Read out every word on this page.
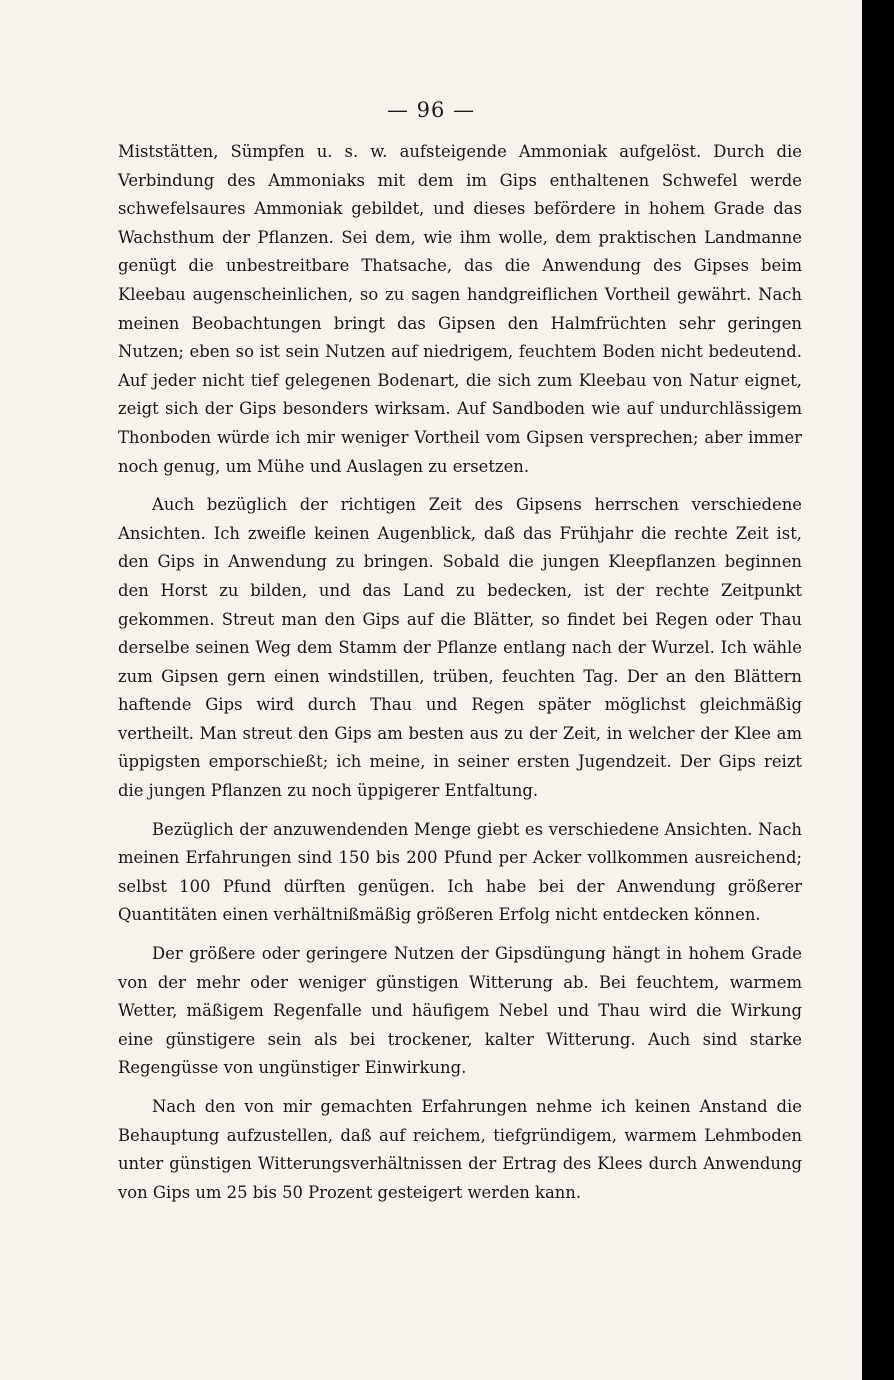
— 96 —

Miststätten, Sümpfen u. s. w. aufsteigende Ammoniak aufgelöst. Durch die Verbindung des Ammoniaks mit dem im Gips enthaltenen Schwefel werde schwefelsaures Ammoniak gebildet, und dieses befördere in hohem Grade das Wachsthum der Pflanzen. Sei dem, wie ihm wolle, dem praktischen Landmanne genügt die unbestreitbare Thatsache, das die Anwendung des Gipses beim Kleebau augenscheinlichen, so zu sagen handgreiflichen Vortheil gewährt. Nach meinen Beobachtungen bringt das Gipsen den Halmfrüchten sehr geringen Nutzen; eben so ist sein Nutzen auf niedrigem, feuchtem Boden nicht bedeutend. Auf jeder nicht tief gelegenen Bodenart, die sich zum Kleebau von Natur eignet, zeigt sich der Gips besonders wirksam. Auf Sandboden wie auf undurchlässigem Thonboden würde ich mir weniger Vortheil vom Gipsen versprechen; aber immer noch genug, um Mühe und Auslagen zu ersetzen.

Auch bezüglich der richtigen Zeit des Gipsens herrschen verschiedene Ansichten. Ich zweifle keinen Augenblick, daß das Frühjahr die rechte Zeit ist, den Gips in Anwendung zu bringen. Sobald die jungen Kleepflanzen beginnen den Horst zu bilden, und das Land zu bedecken, ist der rechte Zeitpunkt gekommen. Streut man den Gips auf die Blätter, so findet bei Regen oder Thau derselbe seinen Weg dem Stamm der Pflanze entlang nach der Wurzel. Ich wähle zum Gipsen gern einen windstillen, trüben, feuchten Tag. Der an den Blättern haftende Gips wird durch Thau und Regen später möglichst gleichmäßig vertheilt. Man streut den Gips am besten aus zu der Zeit, in welcher der Klee am üppigsten emporschießt; ich meine, in seiner ersten Jugendzeit. Der Gips reizt die jungen Pflanzen zu noch üppigerer Entfaltung.

Bezüglich der anzuwendenden Menge giebt es verschiedene Ansichten. Nach meinen Erfahrungen sind 150 bis 200 Pfund per Acker vollkommen ausreichend; selbst 100 Pfund dürften genügen. Ich habe bei der Anwendung größerer Quantitäten einen verhältnißmäßig größeren Erfolg nicht entdecken können.

Der größere oder geringere Nutzen der Gipsdüngung hängt in hohem Grade von der mehr oder weniger günstigen Witterung ab. Bei feuchtem, warmem Wetter, mäßigem Regenfalle und häufigem Nebel und Thau wird die Wirkung eine günstigere sein als bei trockener, kalter Witterung. Auch sind starke Regengüsse von ungünstiger Einwirkung.

Nach den von mir gemachten Erfahrungen nehme ich keinen Anstand die Behauptung aufzustellen, daß auf reichem, tiefgründigem, warmem Lehmboden unter günstigen Witterungsverhältnissen der Ertrag des Klees durch Anwendung von Gips um 25 bis 50 Prozent gesteigert werden kann.
